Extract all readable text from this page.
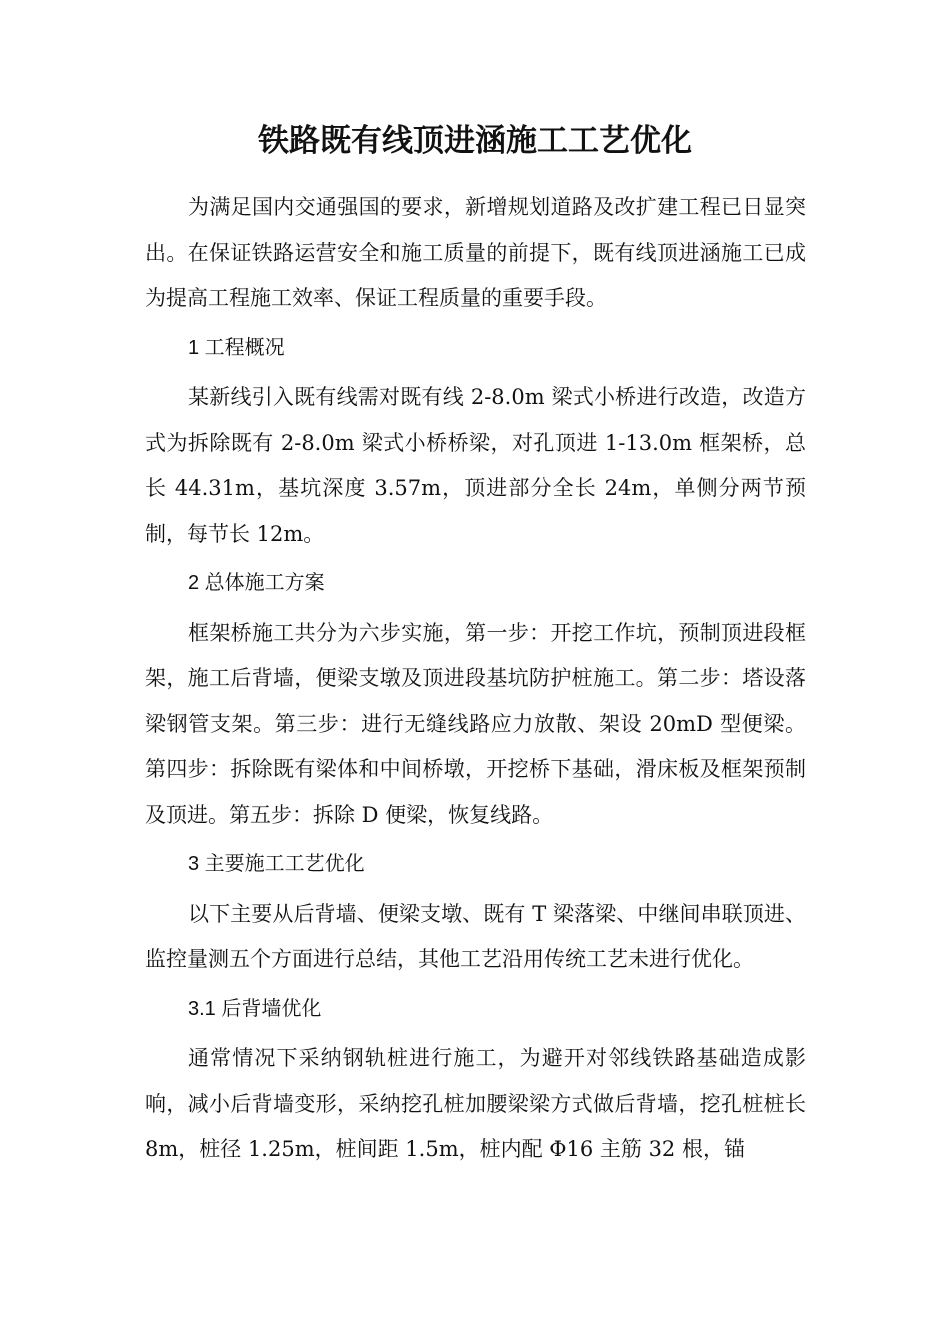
铁路既有线顶进涵施工工艺优化

为满足国内交通强国的要求，新增规划道路及改扩建工程已日显突出。在保证铁路运营安全和施工质量的前提下，既有线顶进涵施工已成为提高工程施工效率、保证工程质量的重要手段。

1 工程概况

某新线引入既有线需对既有线 2-8.0m 梁式小桥进行改造，改造方式为拆除既有 2-8.0m 梁式小桥桥梁，对孔顶进 1-13.0m 框架桥，总长 44.31m，基坑深度 3.57m，顶进部分全长 24m，单侧分两节预制，每节长 12m。

2 总体施工方案

框架桥施工共分为六步实施，第一步：开挖工作坑，预制顶进段框架，施工后背墙，便梁支墩及顶进段基坑防护桩施工。第二步：塔设落梁钢管支架。第三步：进行无缝线路应力放散、架设 20mD 型便梁。第四步：拆除既有梁体和中间桥墩，开挖桥下基础，滑床板及框架预制及顶进。第五步：拆除 D 便梁，恢复线路。

3 主要施工工艺优化

以下主要从后背墙、便梁支墩、既有 T 梁落梁、中继间串联顶进、监控量测五个方面进行总结，其他工艺沿用传统工艺未进行优化。

3.1 后背墙优化

通常情况下采纳钢轨桩进行施工，为避开对邻线铁路基础造成影响，减小后背墙变形，采纳挖孔桩加腰梁梁方式做后背墙，挖孔桩桩长 8m，桩径 1.25m，桩间距 1.5m，桩内配 Φ16 主筋 32 根，锚
